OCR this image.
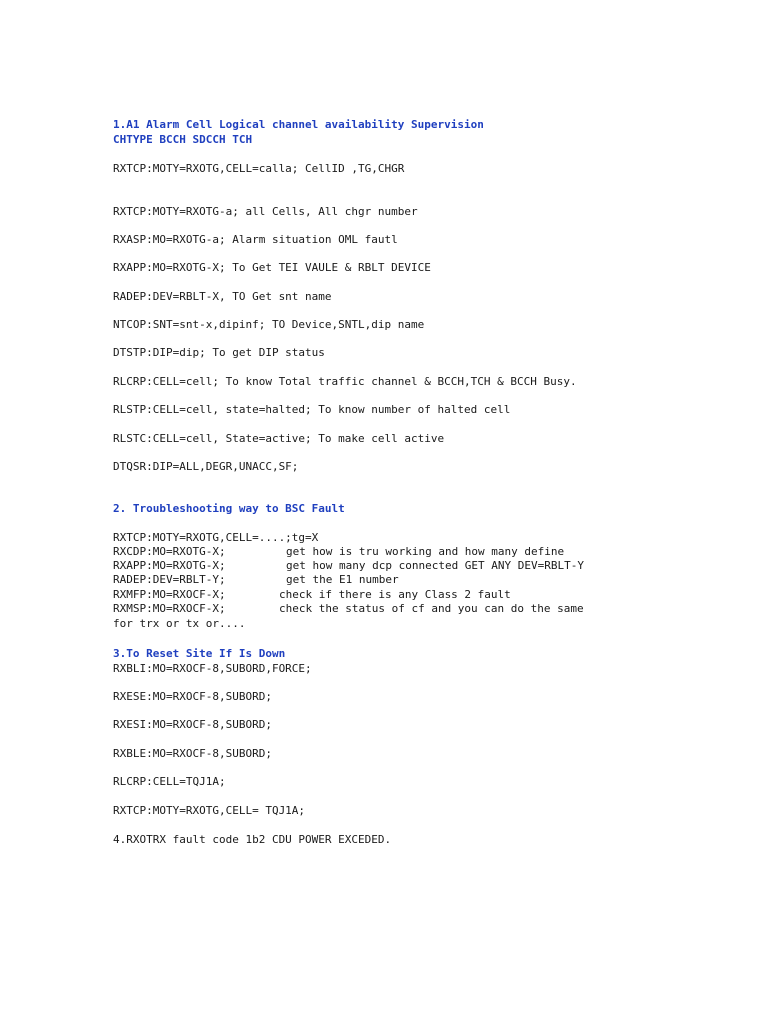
1.A1 Alarm Cell Logical channel availability Supervision
CHTYPE BCCH SDCCH TCH
RXTCP:MOTY=RXOTG,CELL=calla; CellID ,TG,CHGR
RXTCP:MOTY=RXOTG-a; all Cells, All chgr number
RXASP:MO=RXOTG-a; Alarm situation OML fautl
RXAPP:MO=RXOTG-X; To Get TEI VAULE & RBLT DEVICE
RADEP:DEV=RBLT-X, TO Get snt name
NTCOP:SNT=snt-x,dipinf; TO Device,SNTL,dip name
DTSTP:DIP=dip; To get DIP status
RLCRP:CELL=cell; To know Total traffic channel & BCCH,TCH & BCCH Busy.
RLSTP:CELL=cell, state=halted; To know number of halted cell
RLSTC:CELL=cell, State=active; To make cell active
DTQSR:DIP=ALL,DEGR,UNACC,SF;
2. Troubleshooting way to BSC Fault
RXTCP:MOTY=RXOTG,CELL=....;tg=X
RXCDP:MO=RXOTG-X;	get how is tru working and how many define
RXAPP:MO=RXOTG-X;	get how many dcp connected GET ANY DEV=RBLT-Y
RADEP:DEV=RBLT-Y;	get the E1 number
RXMFP:MO=RXOCF-X;	check if there is any Class 2 fault
RXMSP:MO=RXOCF-X;	check the status of cf and you can do the same
for trx or tx or....
3.To Reset Site If Is Down
RXBLI:MO=RXOCF-8,SUBORD,FORCE;
RXESE:MO=RXOCF-8,SUBORD;
RXESI:MO=RXOCF-8,SUBORD;
RXBLE:MO=RXOCF-8,SUBORD;
RLCRP:CELL=TQJ1A;
RXTCP:MOTY=RXOTG,CELL= TQJ1A;
4.RXOTRX fault code 1b2 CDU POWER EXCEDED.
